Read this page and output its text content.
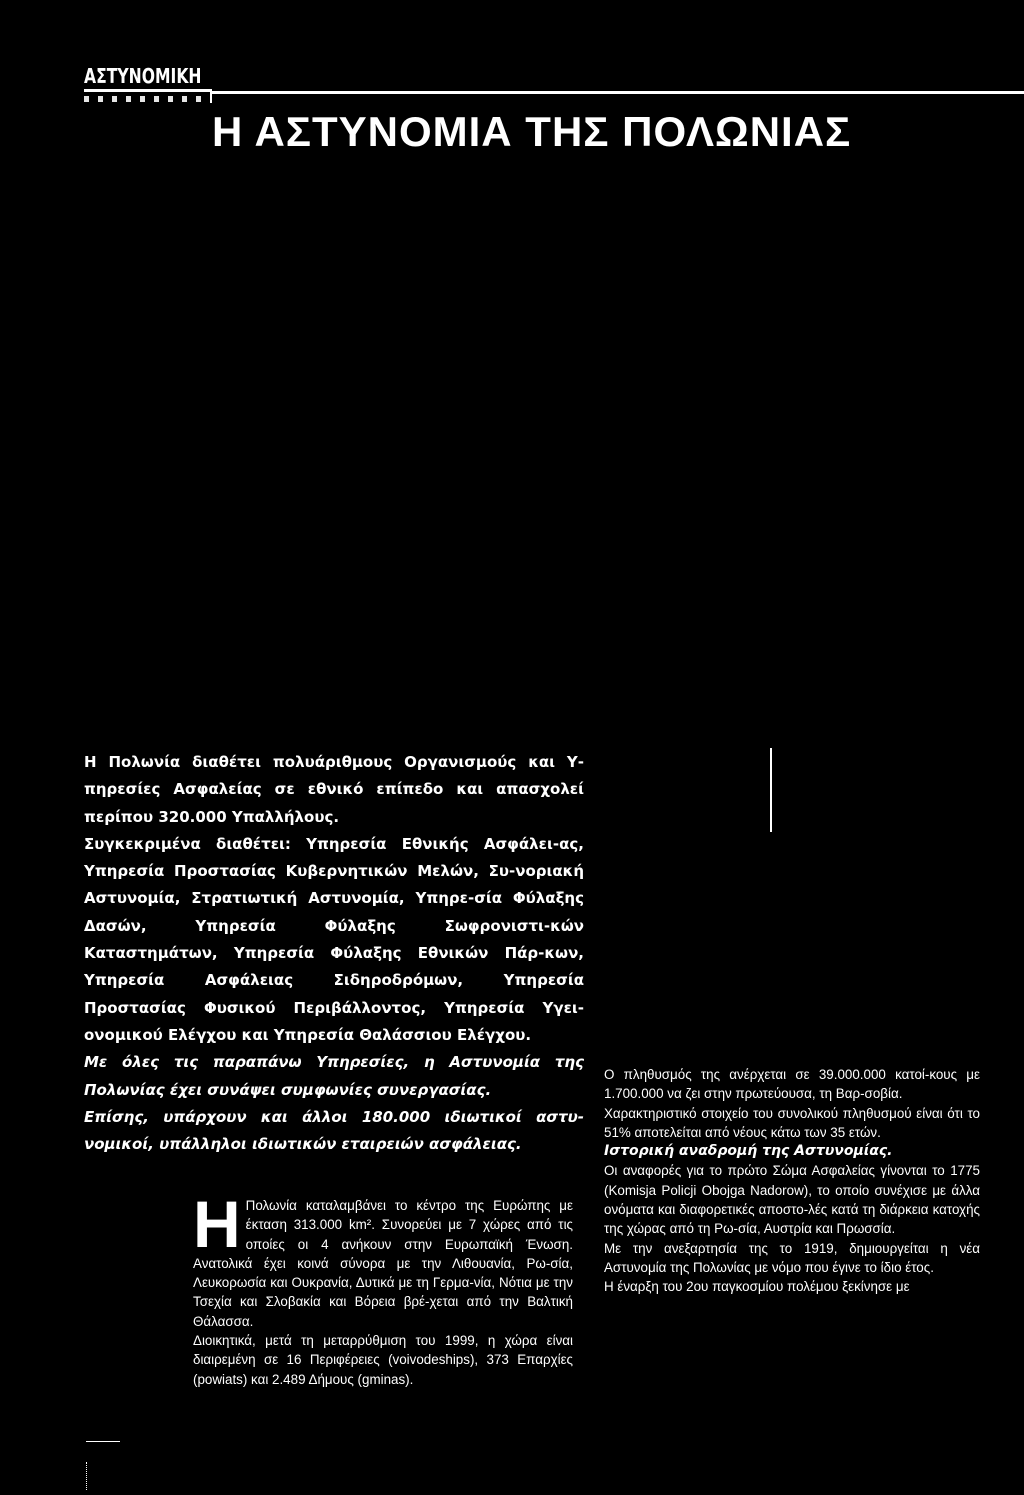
ΑΣΤΥΝΟΜΙΚΗ
Η ΑΣΤΥΝΟΜΙΑ ΤΗΣ ΠΟΛΩΝΙΑΣ

Η Πολωνία διαθέτει πολυάριθμους Οργανισμούς και Υ-πηρεσίες Ασφαλείας σε εθνικό επίπεδο και απασχολεί περίπου 320.000 Υπαλλήλους.

Συγκεκριμένα διαθέτει: Υπηρεσία Εθνικής Ασφάλει-ας, Υπηρεσία Προστασίας Κυβερνητικών Μελών, Συ-νοριακή Αστυνομία, Στρατιωτική Αστυνομία, Υπηρε-σία Φύλαξης Δασών, Υπηρεσία Φύλαξης Σωφρονιστι-κών Καταστημάτων, Υπηρεσία Φύλαξης Εθνικών Πάρ-κων, Υπηρεσία Ασφάλειας Σιδηροδρόμων, Υπηρεσία Προστασίας Φυσικού Περιβάλλοντος, Υπηρεσία Υγει-ονομικού Ελέγχου και Υπηρεσία Θαλάσσιου Ελέγχου.

Με όλες τις παραπάνω Υπηρεσίες, η Αστυνομία της Πολωνίας έχει συνάψει συμφωνίες συνεργασίας.

Επίσης, υπάρχουν και άλλοι 180.000 ιδιωτικοί αστυ-νομικοί, υπάλληλοι ιδιωτικών εταιρειών ασφάλειας.

Η Πολωνία καταλαμβάνει το κέντρο της Ευρώπης με έκταση 313.000 km². Συνορεύει με 7 χώρες από τις οποίες οι 4 ανήκουν στην Ευρωπαϊκή Ένωση. Ανατολικά έχει κοινά σύνορα με την Λιθουανία, Ρω-σία, Λευκορωσία και Ουκρανία, Δυτικά με τη Γερμα-νία, Νότια με την Τσεχία και Σλοβακία και Βόρεια βρέ-χεται από την Βαλτική Θάλασσα.

Διοικητικά, μετά τη μεταρρύθμιση του 1999, η χώρα είναι διαιρεμένη σε 16 Περιφέρειες (voivodeships), 373 Επαρχίες (powiats) και 2.489 Δήμους (gminas).

Ο πληθυσμός της ανέρχεται σε 39.000.000 κατοί-κους με 1.700.000 να ζει στην πρωτεύουσα, τη Βαρ-σοβία.

Χαρακτηριστικό στοιχείο του συνολικού πληθυσμού είναι ότι το 51% αποτελείται από νέους κάτω των 35 ετών.

Ιστορική αναδρομή της Αστυνομίας.

Οι αναφορές για το πρώτο Σώμα Ασφαλείας γίνονται το 1775 (Komisja Policji Obojga Nadorow), το οποίο συνέχισε με άλλα ονόματα και διαφορετικές αποστο-λές κατά τη διάρκεια κατοχής της χώρας από τη Ρω-σία, Αυστρία και Πρωσσία.

Με την ανεξαρτησία της το 1919, δημιουργείται η νέα Αστυνομία της Πολωνίας με νόμο που έγινε το ίδιο έτος.

Η έναρξη του 2ου παγκοσμίου πολέμου ξεκίνησε με
